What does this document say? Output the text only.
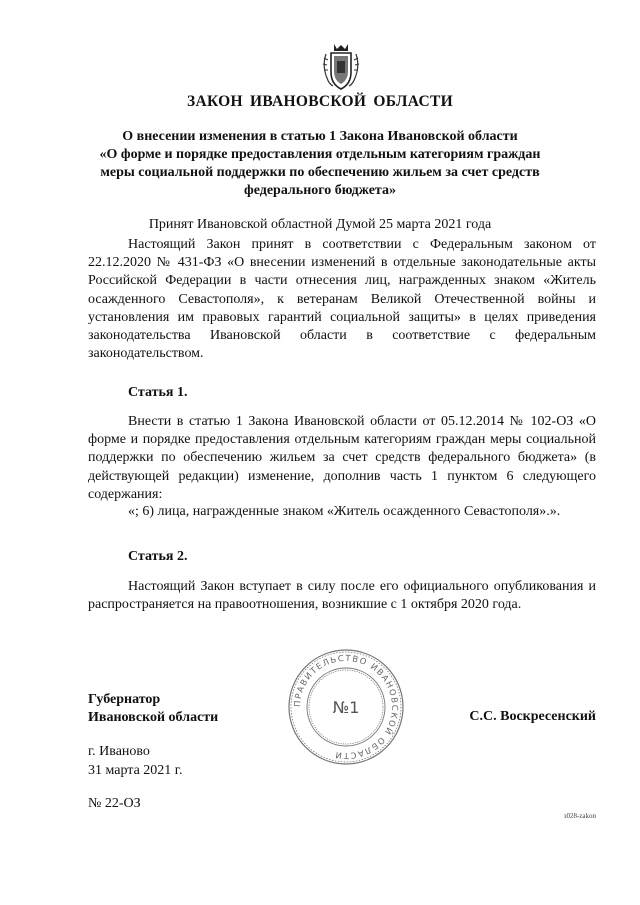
ЗАКОН ИВАНОВСКОЙ ОБЛАСТИ
О внесении изменения в статью 1 Закона Ивановской области
«О форме и порядке предоставления отдельным категориям граждан
меры социальной поддержки по обеспечению жильем за счет средств
федерального бюджета»
Принят Ивановской областной Думой 25 марта 2021 года

Настоящий Закон принят в соответствии с Федеральным законом от 22.12.2020 № 431-ФЗ «О внесении изменений в отдельные законодательные акты Российской Федерации в части отнесения лиц, награжденных знаком «Житель осажденного Севастополя», к ветеранам Великой Отечественной войны и установления им правовых гарантий социальной защиты» в целях приведения законодательства Ивановской области в соответствие с федеральным законодательством.

Статья 1.

Внести в статью 1 Закона Ивановской области от 05.12.2014 № 102-ОЗ «О форме и порядке предоставления отдельным категориям граждан меры социальной поддержки по обеспечению жильем за счет средств федерального бюджета» (в действующей редакции) изменение, дополнив часть 1 пунктом 6 следующего содержания:

«; 6) лица, награжденные знаком «Житель осажденного Севастополя».».

Статья 2.

Настоящий Закон вступает в силу после его официального опубликования и распространяется на правоотношения, возникшие с 1 октября 2020 года.

ПРАВИТЕЛЬСТВО ИВАНОВСКОЙ ОБЛАСТИ
№1
Губернатор
Ивановской области	С.С. Воскресенский
г. Иваново
31 марта 2021 г.
№ 22-ОЗ
з028-zakon
